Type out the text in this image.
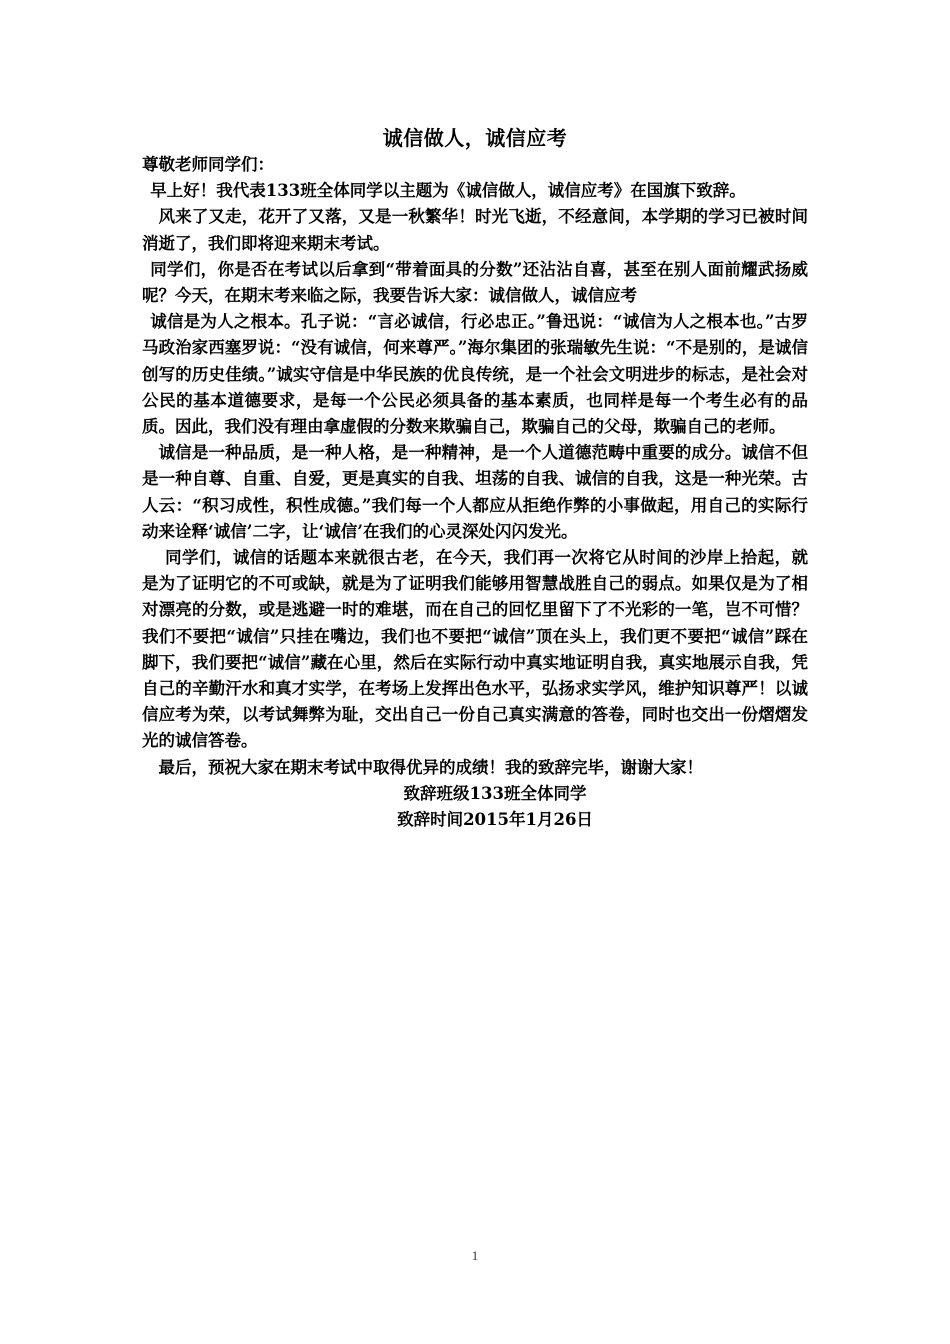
诚信做人，诚信应考

尊敬老师同学们：

早上好！我代表133班全体同学以主题为《诚信做人，诚信应考》在国旗下致辞。

风来了又走，花开了又落，又是一秋繁华！时光飞逝，不经意间，本学期的学习已被时间消逝了，我们即将迎来期末考试。

同学们，你是否在考试以后拿到“带着面具的分数”还沾沾自喜，甚至在别人面前耀武扬威呢？今天，在期末考来临之际，我要告诉大家：诚信做人，诚信应考

诚信是为人之根本。孔子说：“言必诚信，行必忠正。”鲁迅说：“诚信为人之根本也。”古罗马政治家西塞罗说：“没有诚信，何来尊严。”海尔集团的张瑞敏先生说：“不是别的，是诚信创写的历史佳绩。”诚实守信是中华民族的优良传统，是一个社会文明进步的标志，是社会对公民的基本道德要求，是每一个公民必须具备的基本素质，也同样是每一个考生必有的品质。因此，我们没有理由拿虚假的分数来欺骗自己，欺骗自己的父母，欺骗自己的老师。

诚信是一种品质，是一种人格，是一种精神，是一个人道德范畴中重要的成分。诚信不但是一种自尊、自重、自爱，更是真实的自我、坦荡的自我、诚信的自我，这是一种光荣。古人云：“积习成性，积性成德。”我们每一个人都应从拒绝作弊的小事做起，用自己的实际行动来诠释‘诚信’二字，让‘诚信’在我们的心灵深处闪闪发光。

同学们，诚信的话题本来就很古老，在今天，我们再一次将它从时间的沙岸上拾起，就是为了证明它的不可或缺，就是为了证明我们能够用智慧战胜自己的弱点。如果仅是为了相对漂亮的分数，或是逃避一时的难堪，而在自己的回忆里留下了不光彩的一笔，岂不可惜？我们不要把“诚信”只挂在嘴边，我们也不要把“诚信”顶在头上，我们更不要把“诚信”踩在脚下，我们要把“诚信”藏在心里，然后在实际行动中真实地证明自我，真实地展示自我，凭自己的辛勤汗水和真才实学，在考场上发挥出色水平，弘扬求实学风，维护知识尊严！以诚信应考为荣，以考试舞弊为耻，交出自己一份自己真实满意的答卷，同时也交出一份熠熠发光的诚信答卷。

最后，预祝大家在期末考试中取得优异的成绩！我的致辞完毕，谢谢大家！

致辞班级133班全体同学

致辞时间2015年1月26日

1
